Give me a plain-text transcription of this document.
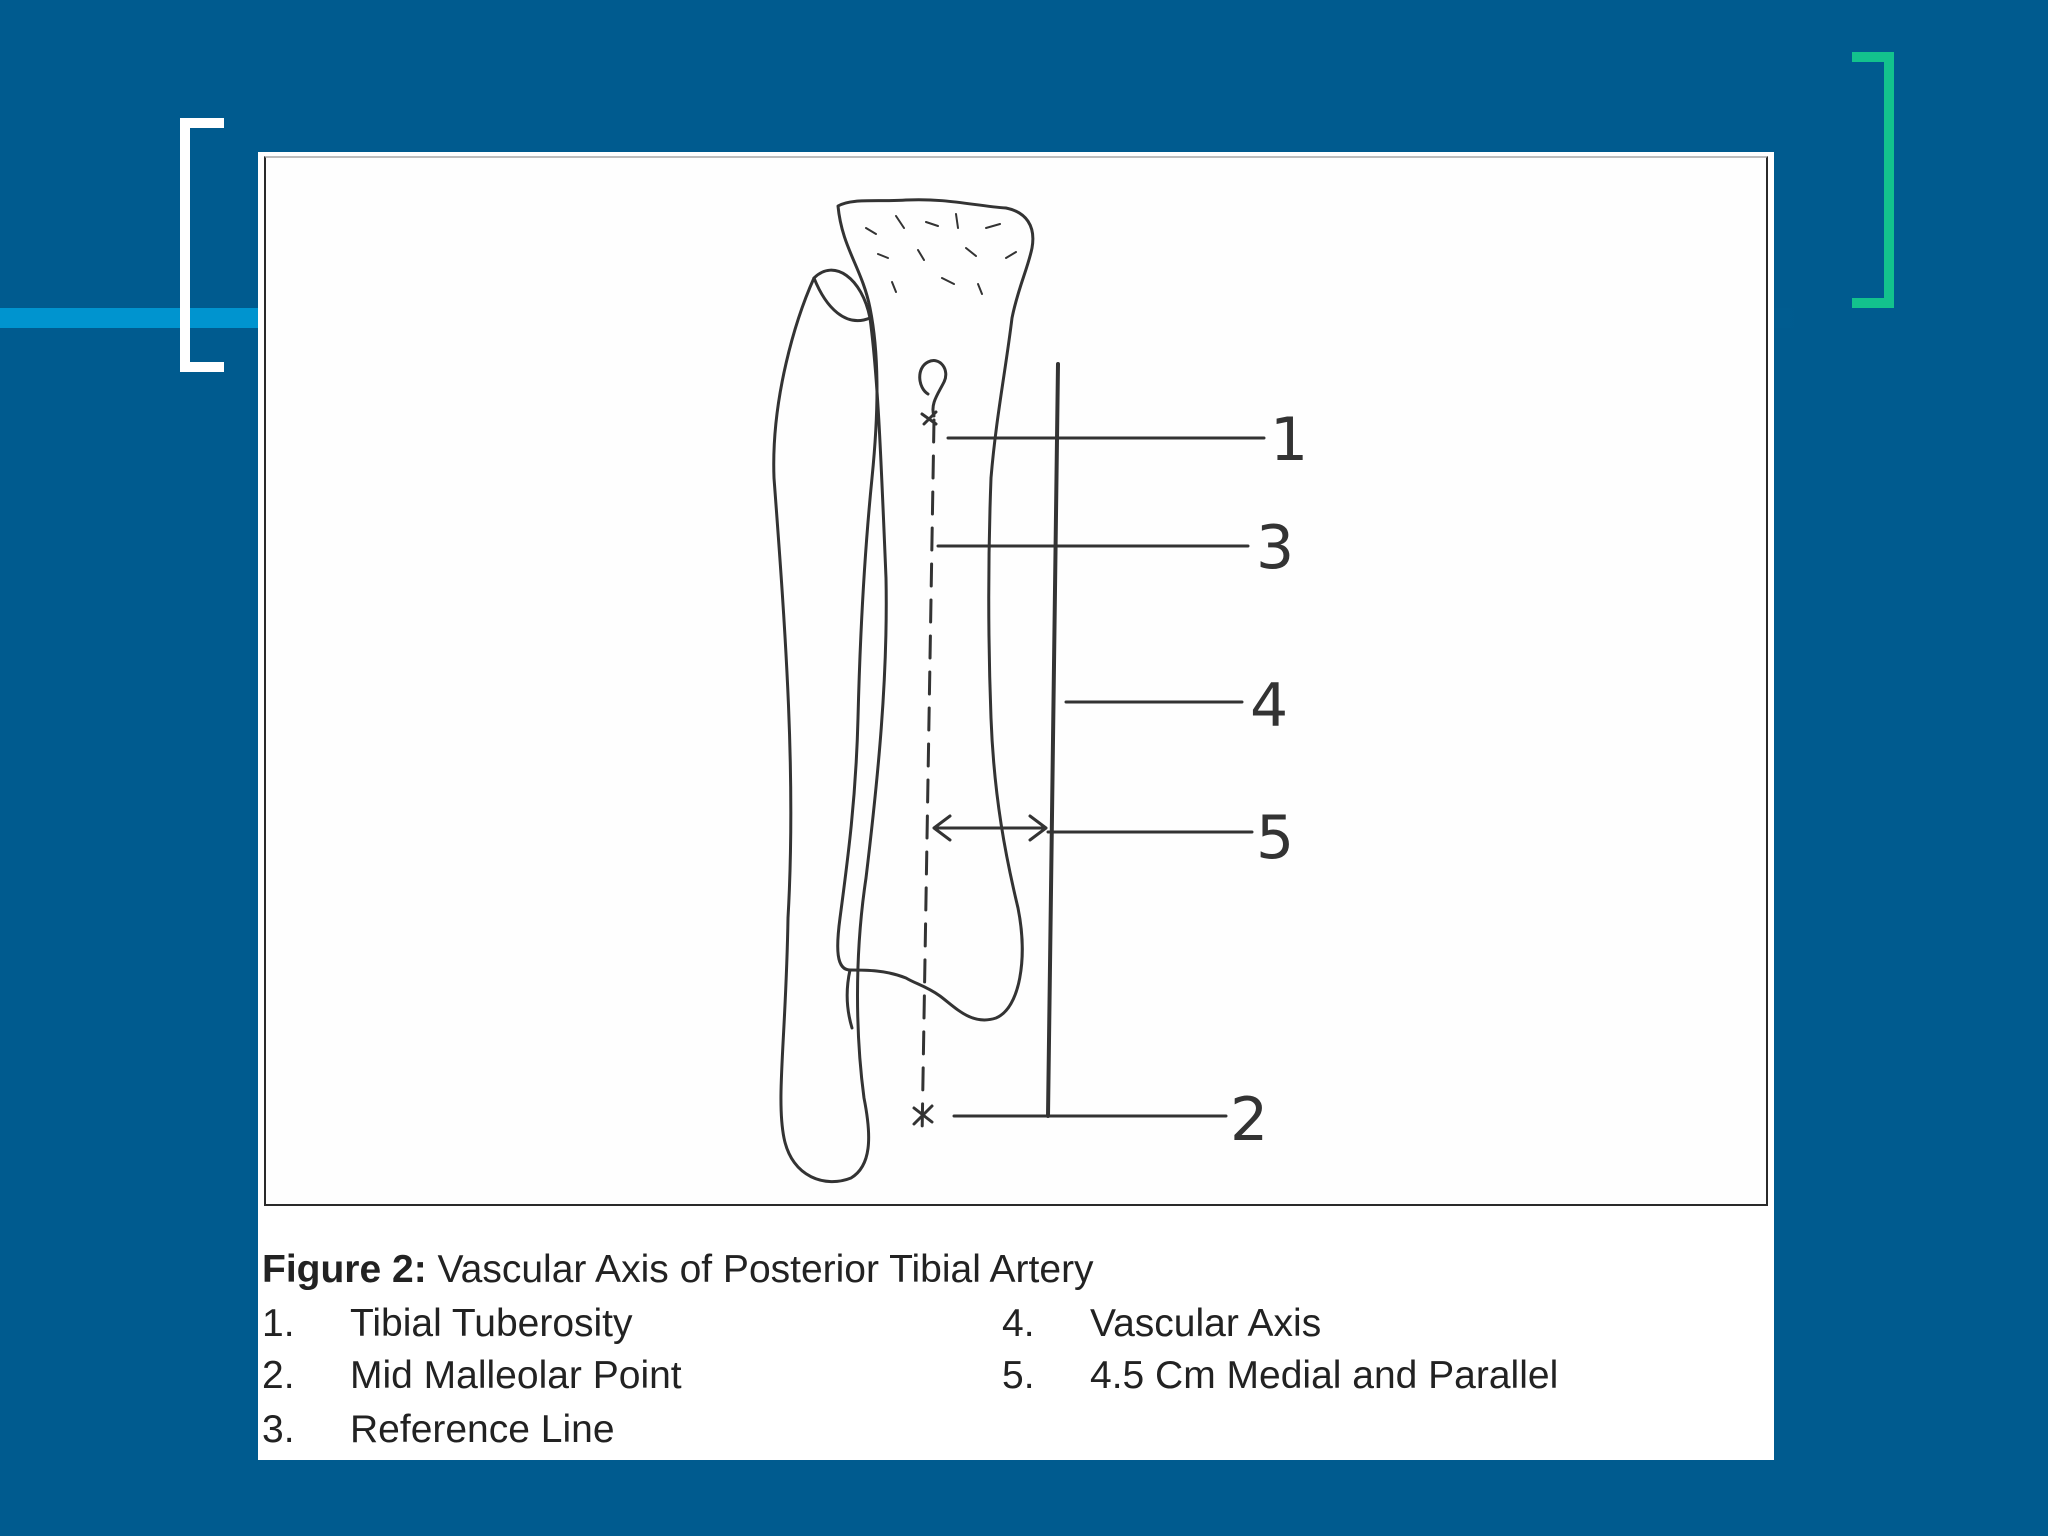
1
3
4
5
2
Figure 2: Vascular Axis of Posterior Tibial Artery
1. Tibial Tuberosity
2. Mid Malleolar Point
3. Reference Line
4. Vascular Axis
5. 4.5 Cm Medial and Parallel
